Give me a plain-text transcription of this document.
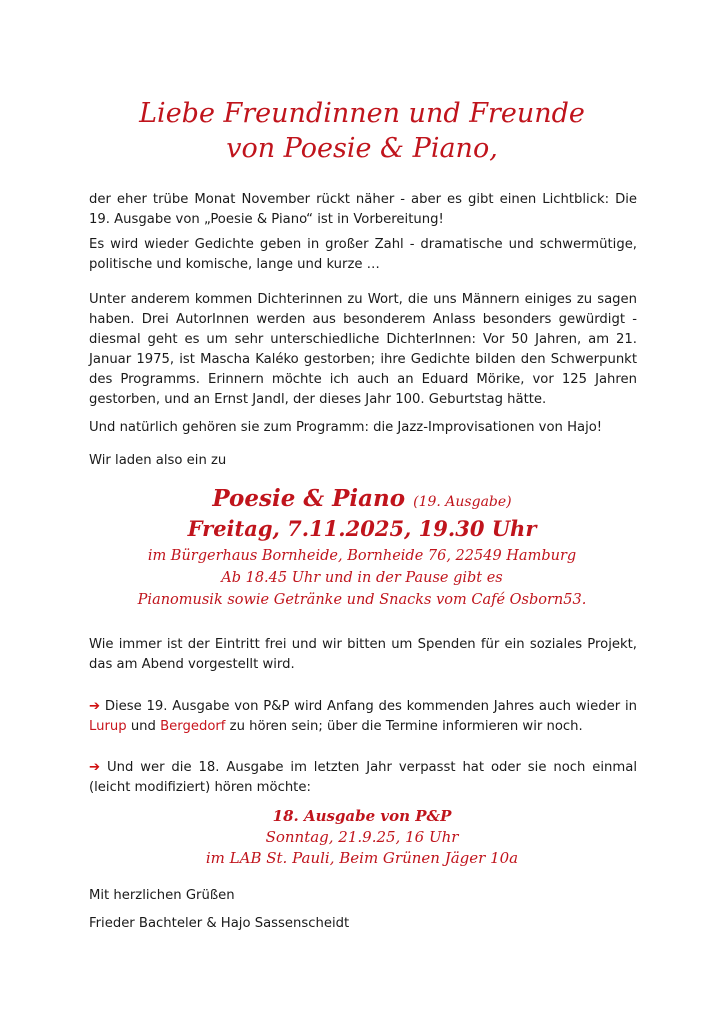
Liebe Freundinnen und Freunde
von Poesie & Piano,

der eher trübe Monat November rückt näher - aber es gibt einen Lichtblick: Die 19. Ausgabe von „Poesie & Piano“ ist in Vorbereitung!

Es wird wieder Gedichte geben in großer Zahl - dramatische und schwermütige, politische und komische, lange und kurze …

Unter anderem kommen Dichterinnen zu Wort, die uns Männern einiges zu sagen haben. Drei AutorInnen werden aus besonderem Anlass besonders gewürdigt - diesmal geht es um sehr unterschiedliche DichterInnen: Vor 50 Jahren, am 21. Januar 1975, ist Mascha Kaléko gestorben; ihre Gedichte bilden den Schwerpunkt des Programms. Erinnern möchte ich auch an Eduard Mörike, vor 125 Jahren gestorben, und an Ernst Jandl, der dieses Jahr 100. Geburtstag hätte.

Und natürlich gehören sie zum Programm: die Jazz-Improvisationen von Hajo!

Wir laden also ein zu

Poesie & Piano (19. Ausgabe)
Freitag, 7.11.2025, 19.30 Uhr
im Bürgerhaus Bornheide, Bornheide 76, 22549 Hamburg
Ab 18.45 Uhr und in der Pause gibt es
Pianomusik sowie Getränke und Snacks vom Café Osborn53.

Wie immer ist der Eintritt frei und wir bitten um Spenden für ein soziales Projekt, das am Abend vorgestellt wird.

➔ Diese 19. Ausgabe von P&P wird Anfang des kommenden Jahres auch wieder in Lurup und Bergedorf zu hören sein; über die Termine informieren wir noch.

➔ Und wer die 18. Ausgabe im letzten Jahr verpasst hat oder sie noch einmal (leicht modifiziert) hören möchte:

18. Ausgabe von P&P
Sonntag, 21.9.25, 16 Uhr
im LAB St. Pauli, Beim Grünen Jäger 10a

Mit herzlichen Grüßen

Frieder Bachteler & Hajo Sassenscheidt
